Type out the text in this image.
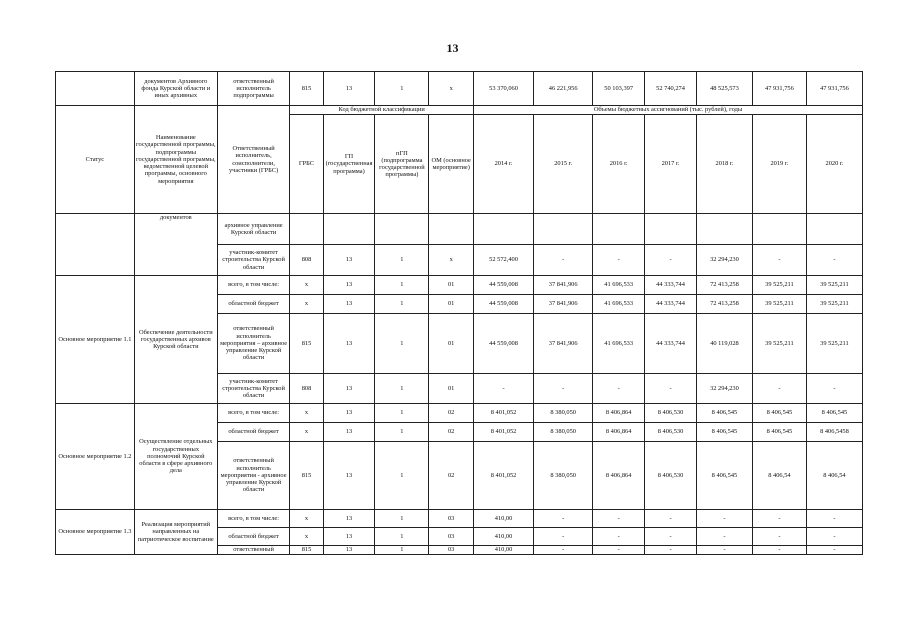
13
	документов Архивного фонда Курской области и иных архивных	ответственный исполнитель подпрограммы	815	13	1	х	53 370,060	46 221,956	50 103,397	52 740,274	48 525,573	47 931,756	47 931,756
Статус	Наименование государственной программы, подпрограммы государственной программы, ведомственной целевой программы, основного мероприятия	Ответственный исполнитель, соисполнители, участники (ГРБС)	Код бюджетной классификации				Объемы бюджетных ассигнований (тыс. рублей), годы						
			ГРБС	ГП (государственная программа)	пГП (подпрограмма государственной программы)	ОМ (основное мероприятие)	2014 г.	2015 г.	2016 г.	2017 г.	2018 г.	2019 г.	2020 г.
	документов	архивное управление Курской области											
		участник-комитет строительства Курской области	808	13	1	х	52 572,400	-	-	-	32 294,230	-	-
Основное мероприятие 1.1	Обеспечение деятельности государственных архивов Курской области	всего, в том числе:	х	13	1	01	44 559,008	37 841,906	41 696,533	44 333,744	72 413,258	39 525,211	39 525,211
		областной бюджет	х	13	1	01	44 559,008	37 841,906	41 696,533	44 333,744	72 413,258	39 525,211	39 525,211
		ответственный исполнитель мероприятия – архивное управление Курской области	815	13	1	01	44 559,008	37 841,906	41 696,533	44 333,744	40 119,028	39 525,211	39 525,211
		участник-комитет строительства Курской области	808	13	1	01	-	-	-	-	32 294,230	-	-
Основное мероприятие 1.2	Осуществление отдельных государственных полномочий Курской области в сфере архивного дела	всего, в том числе:	х	13	1	02	8 401,052	8 380,050	8 406,864	8 406,530	8 406,545	8 406,545	8 406,545
		областной бюджет	х	13	1	02	8 401,052	8 380,050	8 406,864	8 406,530	8 406,545	8 406,545	8 406,5458
		ответственный исполнитель мероприятия - архивное управление Курской области	815	13	1	02	8 401,052	8 380,050	8 406,864	8 406,530	8 406,545	8 406,54	8 406,54
Основное мероприятие 1.3	Реализация мероприятий направленных на патриотическое воспитание	всего, в том числе:	х	13	1	03	410,00	-	-	-	-	-	-
		областной бюджет	х	13	1	03	410,00	-	-	-	-	-	-
		ответственный	815	13	1	03	410,00	-	-	-	-	-	-
